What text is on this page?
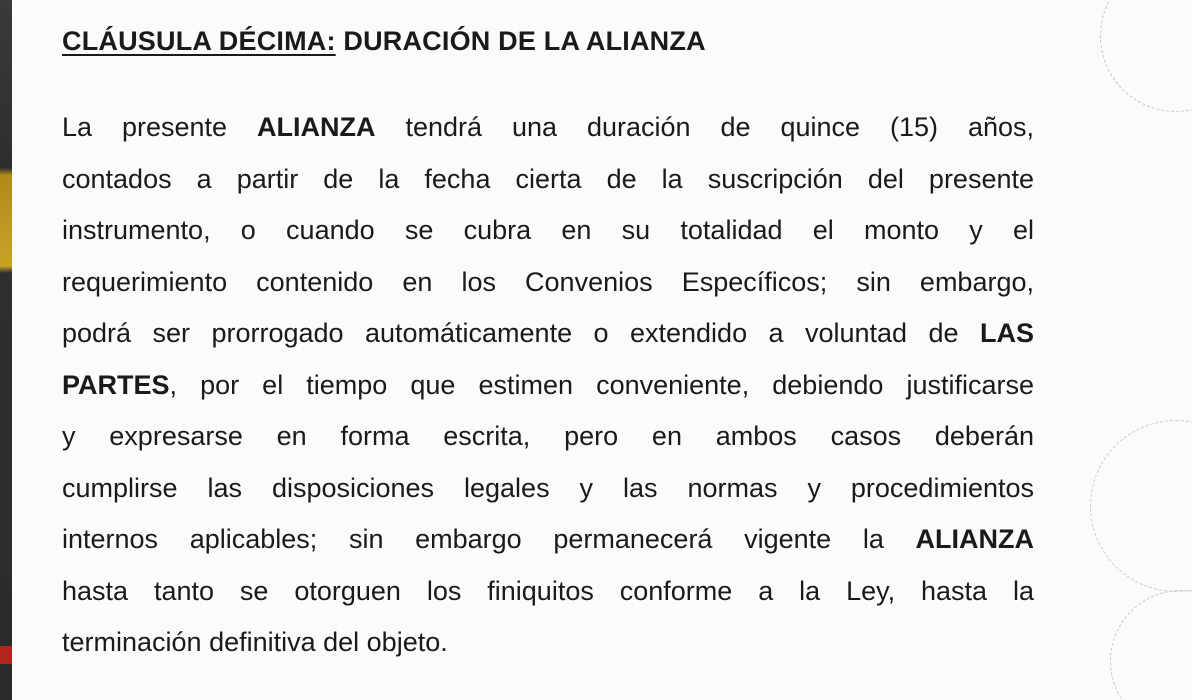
CLÁUSULA DÉCIMA: DURACIÓN DE LA ALIANZA
La presente ALIANZA tendrá una duración de quince (15) años,
contados a partir de la fecha cierta de la suscripción del presente
instrumento, o cuando se cubra en su totalidad el monto y el
requerimiento contenido en los Convenios Específicos; sin embargo,
podrá ser prorrogado automáticamente o extendido a voluntad de LAS
PARTES, por el tiempo que estimen conveniente, debiendo justificarse
y expresarse en forma escrita, pero en ambos casos deberán
cumplirse las disposiciones legales y las normas y procedimientos
internos aplicables; sin embargo permanecerá vigente la ALIANZA
hasta tanto se otorguen los finiquitos conforme a la Ley, hasta la
terminación definitiva del objeto.
